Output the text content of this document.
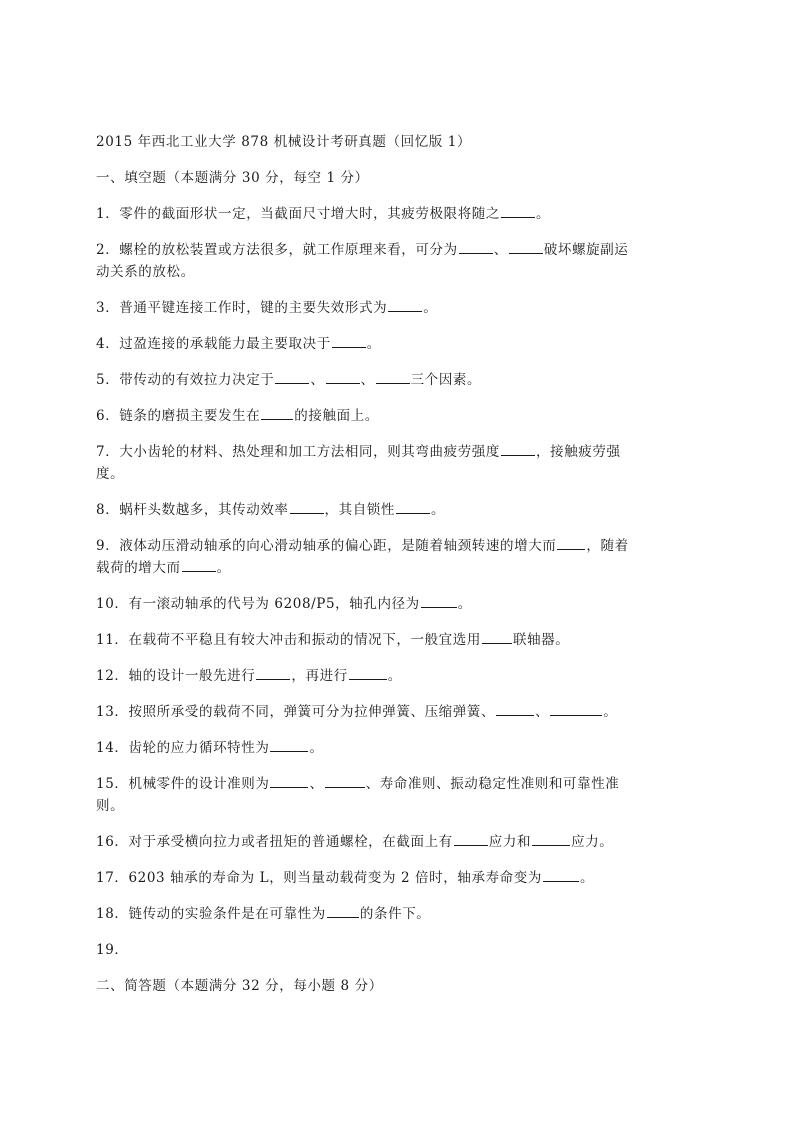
2015 年西北工业大学 878 机械设计考研真题（回忆版 1）
一、填空题（本题满分 30 分，每空 1 分）
1．零件的截面形状一定，当截面尺寸增大时，其疲劳极限将随之	。
2．螺栓的放松装置或方法很多，就工作原理来看，可分为	、	破坏螺旋副运
动关系的放松。
3．普通平键连接工作时，键的主要失效形式为	。
4．过盈连接的承载能力最主要取决于	。
5．带传动的有效拉力决定于	、	、	三个因素。
6．链条的磨损主要发生在	的接触面上。
7．大小齿轮的材料、热处理和加工方法相同，则其弯曲疲劳强度	，接触疲劳强
度。
8．蜗杆头数越多，其传动效率	，其自锁性	。
9．液体动压滑动轴承的向心滑动轴承的偏心距，是随着轴颈转速的增大而 ，随着
载荷的增大而	。
10．有一滚动轴承的代号为 6208/P5，轴孔内径为	。
11．在载荷不平稳且有较大冲击和振动的情况下，一般宜选用 联轴器。
12．轴的设计一般先进行	，再进行	。
13．按照所承受的载荷不同，弹簧可分为拉伸弹簧、压缩弹簧、	、	。
14．齿轮的应力循环特性为	。
15．机械零件的设计准则为	、	、寿命准则、振动稳定性准则和可靠性准
则。
16．对于承受横向拉力或者扭矩的普通螺栓，在截面上有	应力和	应力。
17．6203 轴承的寿命为 L，则当量动载荷变为 2 倍时，轴承寿命变为	。
18．链传动的实验条件是在可靠性为	的条件下。
19．
二、简答题（本题满分 32 分，每小题 8 分）
